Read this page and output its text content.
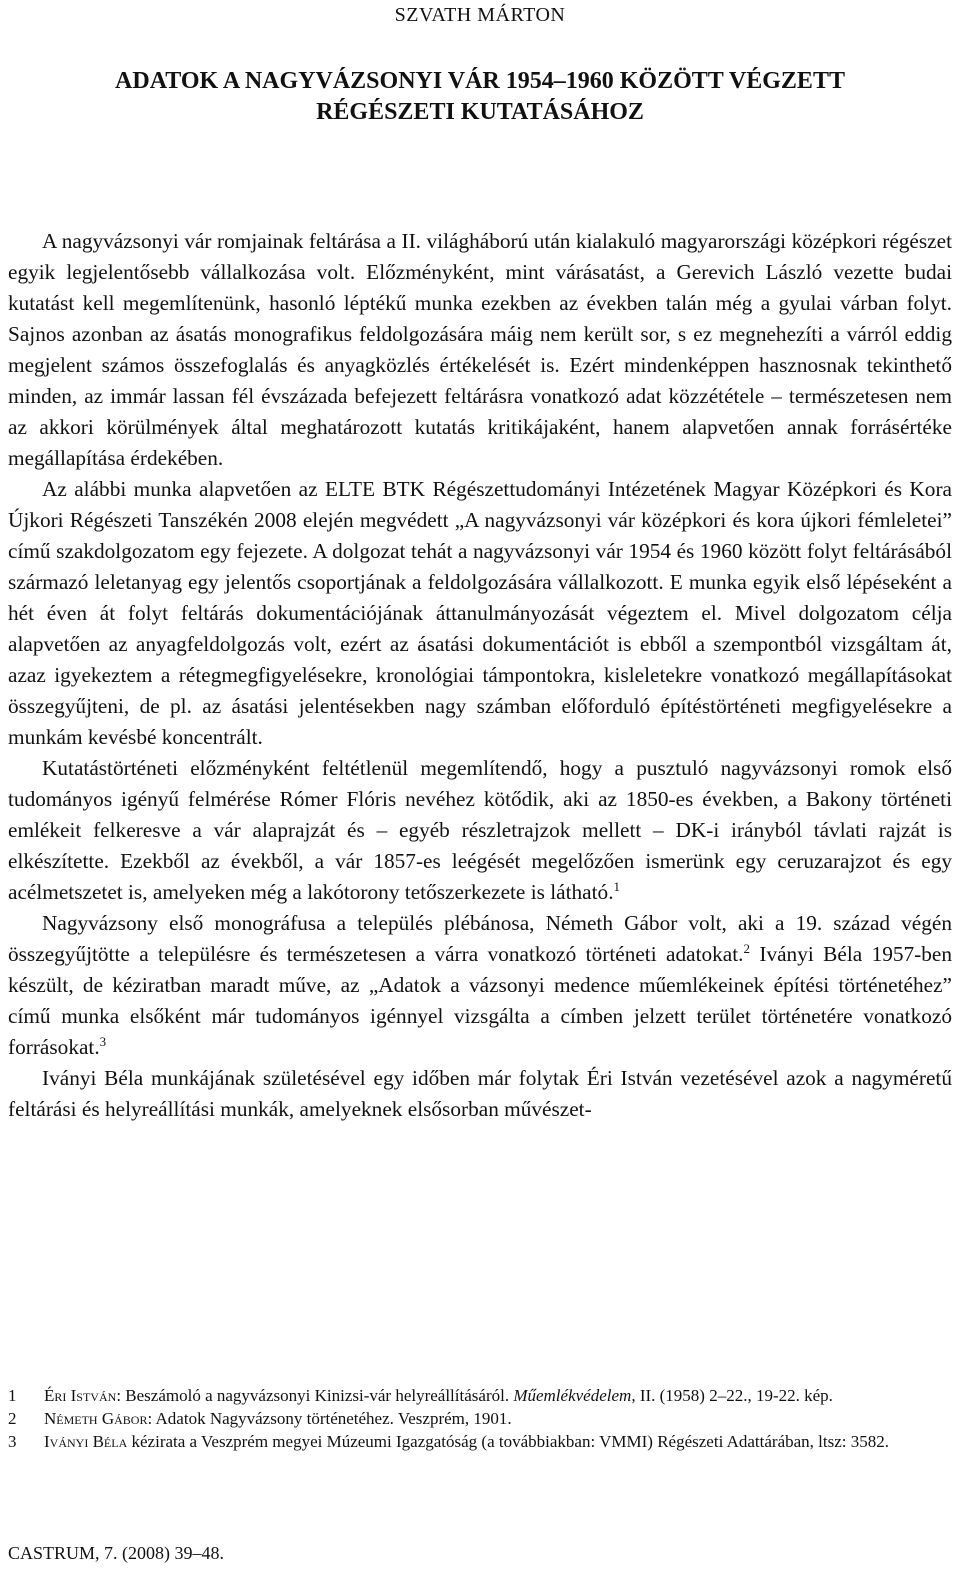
SZVATH MÁRTON
ADATOK A NAGYVÁZSONYI VÁR 1954–1960 KÖZÖTT VÉGZETT
RÉGÉSZETI KUTATÁSÁHOZ

A nagyvázsonyi vár romjainak feltárása a II. világháború után kialakuló magyarországi középkori régészet egyik legjelentősebb vállalkozása volt. Előzményként, mint várásatást, a Gerevich László vezette budai kutatást kell megemlítenünk, hasonló léptékű munka ezekben az években talán még a gyulai várban folyt. Sajnos azonban az ásatás monografikus feldolgozására máig nem került sor, s ez megnehezíti a várról eddig megjelent számos összefoglalás és anyagközlés értékelését is. Ezért mindenképpen hasznosnak tekinthető minden, az immár lassan fél évszázada befejezett feltárásra vonatkozó adat közzététele – természetesen nem az akkori körülmények által meghatározott kutatás kritikájaként, hanem alapvetően annak forrásértéke megállapítása érdekében.

Az alábbi munka alapvetően az ELTE BTK Régészettudományi Intézetének Magyar Középkori és Kora Újkori Régészeti Tanszékén 2008 elején megvédett „A nagyvázsonyi vár középkori és kora újkori fémleletei” című szakdolgozatom egy fejezete. A dolgozat tehát a nagyvázsonyi vár 1954 és 1960 között folyt feltárásából származó leletanyag egy jelentős csoportjának a feldolgozására vállalkozott. E munka egyik első lépéseként a hét éven át folyt feltárás dokumentációjának áttanulmányozását végeztem el. Mivel dolgozatom célja alapvetően az anyagfeldolgozás volt, ezért az ásatási dokumentációt is ebből a szempontból vizsgáltam át, azaz igyekeztem a rétegmegfigyelésekre, kronológiai támpontokra, kisleletekre vonatkozó megállapításokat összegyűjteni, de pl. az ásatási jelentésekben nagy számban előforduló építéstörténeti megfigyelésekre a munkám kevésbé koncentrált.

Kutatástörténeti előzményként feltétlenül megemlítendő, hogy a pusztuló nagyvázsonyi romok első tudományos igényű felmérése Rómer Flóris nevéhez kötődik, aki az 1850-es években, a Bakony történeti emlékeit felkeresve a vár alaprajzát és – egyéb részletrajzok mellett – DK-i irányból távlati rajzát is elkészítette. Ezekből az évekből, a vár 1857-es leégését megelőzően ismerünk egy ceruzarajzot és egy acélmetszetet is, amelyeken még a lakótorony tetőszerkezete is látható.$^1$

Nagyvázsony első monográfusa a település plébánosa, Németh Gábor volt, aki a 19. század végén összegyűjtötte a településre és természetesen a várra vonatkozó történeti adatokat.$^2$ Iványi Béla 1957-ben készült, de kéziratban maradt műve, az „Adatok a vázsonyi medence műemlékeinek építési történetéhez” című munka elsőként már tudományos igénnyel vizsgálta a címben jelzett terület történetére vonatkozó forrásokat.$^3$

Iványi Béla munkájának születésével egy időben már folytak Éri István vezetésével azok a nagyméretű feltárási és helyreállítási munkák, amelyeknek elsősorban művészet-

1	Éri István: Beszámoló a nagyvázsonyi Kinizsi-vár helyreállításáról. Műemlékvédelem, II. (1958) 2–22., 19-22. kép.
2	Németh Gábor: Adatok Nagyvázsony történetéhez. Veszprém, 1901.
3	Iványi Béla kézirata a Veszprém megyei Múzeumi Igazgatóság (a továbbiakban: VMMI) Régészeti Adattárában, ltsz: 3582.
CASTRUM, 7. (2008) 39–48.
